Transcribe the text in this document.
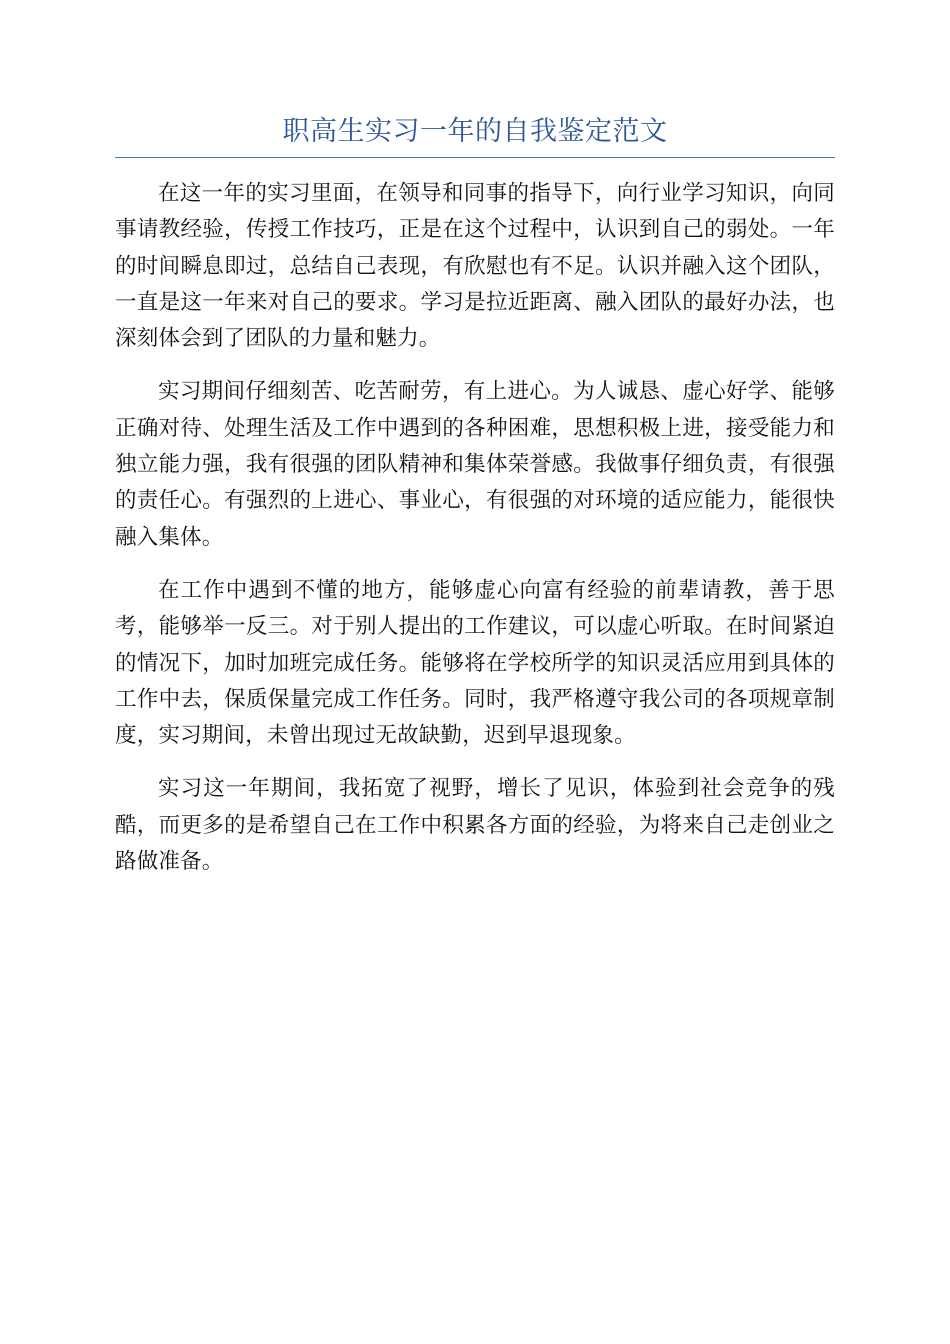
职高生实习一年的自我鉴定范文

在这一年的实习里面，在领导和同事的指导下，向行业学习知识，向同事请教经验，传授工作技巧，正是在这个过程中，认识到自己的弱处。一年的时间瞬息即过，总结自己表现，有欣慰也有不足。认识并融入这个团队，一直是这一年来对自己的要求。学习是拉近距离、融入团队的最好办法，也深刻体会到了团队的力量和魅力。

实习期间仔细刻苦、吃苦耐劳，有上进心。为人诚恳、虚心好学、能够正确对待、处理生活及工作中遇到的各种困难，思想积极上进，接受能力和独立能力强，我有很强的团队精神和集体荣誉感。我做事仔细负责，有很强的责任心。有强烈的上进心、事业心，有很强的对环境的适应能力，能很快融入集体。

在工作中遇到不懂的地方，能够虚心向富有经验的前辈请教，善于思考，能够举一反三。对于别人提出的工作建议，可以虚心听取。在时间紧迫的情况下，加时加班完成任务。能够将在学校所学的知识灵活应用到具体的工作中去，保质保量完成工作任务。同时，我严格遵守我公司的各项规章制度，实习期间，未曾出现过无故缺勤，迟到早退现象。

实习这一年期间，我拓宽了视野，增长了见识，体验到社会竞争的残酷，而更多的是希望自己在工作中积累各方面的经验，为将来自己走创业之路做准备。
